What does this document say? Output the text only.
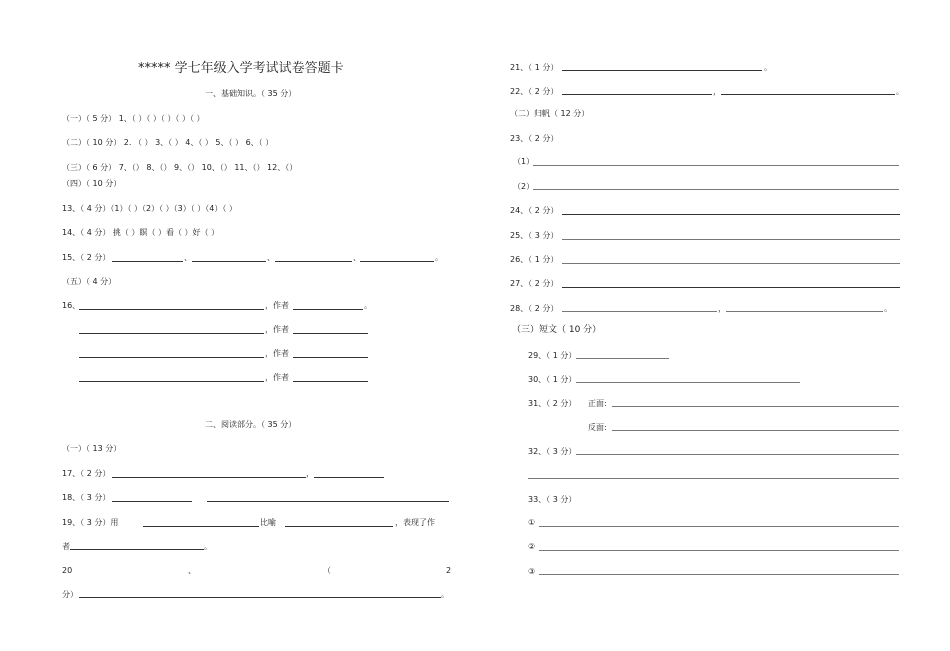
***** 学七年级入学考试试卷答题卡
一、基础知识。（ 35 分）
（一）（ 5 分） 1、（ ）（ ）（ ）（ ）（ ）
（二）（ 10 分） 2. （ ） 3、（ ） 4、（ ） 5、（ ） 6、（ ）
（三）（ 6 分） 7、（） 8、（） 9、（） 10、（） 11、（） 12、（）
（四）（ 10 分）
13、（ 4 分）（1）（ ）（2）（ ）（3）（ ）（4）（ ）
14、（ 4 分） 挑（ ）瞑（ ）看（ ）好（ ）
15、（ 2 分）	、	、	、	。
（五）（ 4 分）
16、	，作者	。
，作者
，作者
，作者
二、阅读部分。（ 35 分）
（一）（ 13 分）
17、（ 2 分）	，
18、（ 3 分）
19、（ 3 分）用	比喻	，表现了作
者	。
20	、	（	2
分）	。
21、（ 1 分）	。
22、（ 2 分）	，	。
（二）归帆（ 12 分）
23、（ 2 分）
（1）
（2）
24、（ 2 分）
25、（ 3 分）
26、（ 1 分）
27、（ 2 分）
28、（ 2 分）	，	。
（三）短文（ 10 分）
29、（ 1 分）
30、（ 1 分）
31、（ 2 分） 正面:
反面:
32、（ 3 分）
33、（ 3 分）
①
②
③
